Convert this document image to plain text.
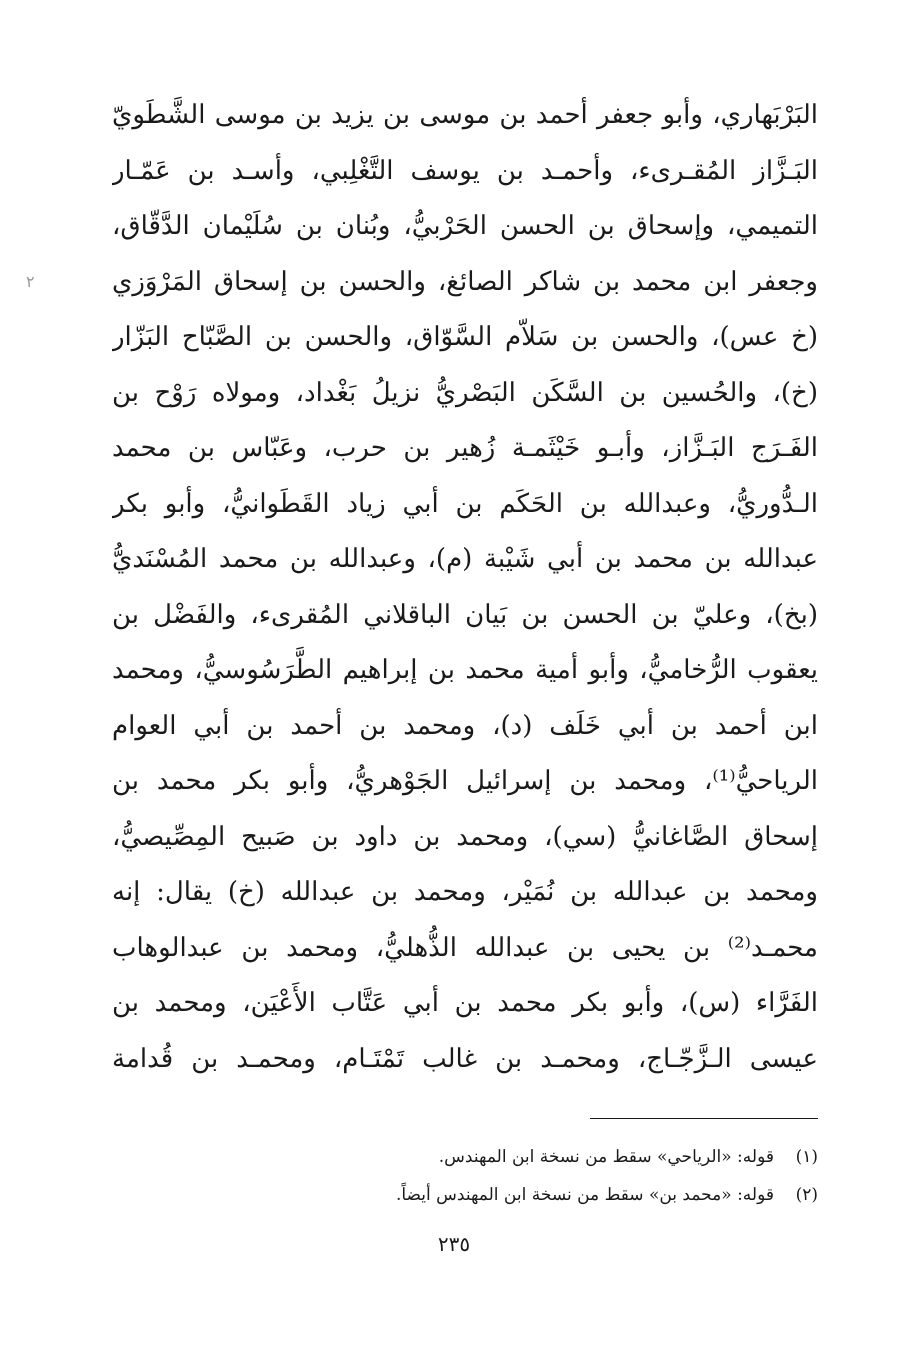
٢
البَرْبَهاري، وأبو جعفر أحمد بن موسى بن يزيد بن موسى الشَّطَويّ
البَـزَّاز المُقـرىء، وأحمـد بن يوسف التَّغْلِبي، وأسـد بن عَمّـار
التميمي، وإسحاق بن الحسن الحَرْبيُّ، وبُنان بن سُلَيْمان الدَّقّاق،
وجعفر ابن محمد بن شاكر الصائغ، والحسن بن إسحاق المَرْوَزي
(خ عس)، والحسن بن سَلاّم السَّوّاق، والحسن بن الصَّبّاح البَزّار
(خ)، والحُسين بن السَّكَن البَصْريُّ نزيلُ بَغْداد، ومولاه رَوْح بن
الفَـرَج البَـزَّاز، وأبـو خَيْثَمـة زُهير بن حرب، وعَبّاس بن محمد
الـدُّوريُّ، وعبدالله بن الحَكَم بن أبي زياد القَطَوانيُّ، وأبو بكر
عبدالله بن محمد بن أبي شَيْبة (م)، وعبدالله بن محمد المُسْنَديُّ
(بخ)، وعليّ بن الحسن بن بَيان الباقلاني المُقرىء، والفَضْل بن
يعقوب الرُّخاميُّ، وأبو أمية محمد بن إبراهيم الطَّرَسُوسيُّ، ومحمد
ابن أحمد بن أبي خَلَف (د)، ومحمد بن أحمد بن أبي العوام
الرياحيُّ⁽¹⁾، ومحمد بن إسرائيل الجَوْهريُّ، وأبو بكر محمد بن
إسحاق الصَّاغانيُّ (سي)، ومحمد بن داود بن صَبيح المِصِّيصيُّ،
ومحمد بن عبدالله بن نُمَيْر، ومحمد بن عبدالله (خ) يقال: إنه
محمـد⁽²⁾ بن يحيى بن عبدالله الذُّهليُّ، ومحمد بن عبدالوهاب
الفَرَّاء (س)، وأبو بكر محمد بن أبي عَتَّاب الأَعْيَن، ومحمد بن
عيسى الـزَّجّـاج، ومحمـد بن غالب تَمْتَـام، ومحمـد بن قُدامة
(١)قوله: «الرياحي» سقط من نسخة ابن المهندس.
(٢)قوله: «محمد بن» سقط من نسخة ابن المهندس أيضاً.
٢٣٥
